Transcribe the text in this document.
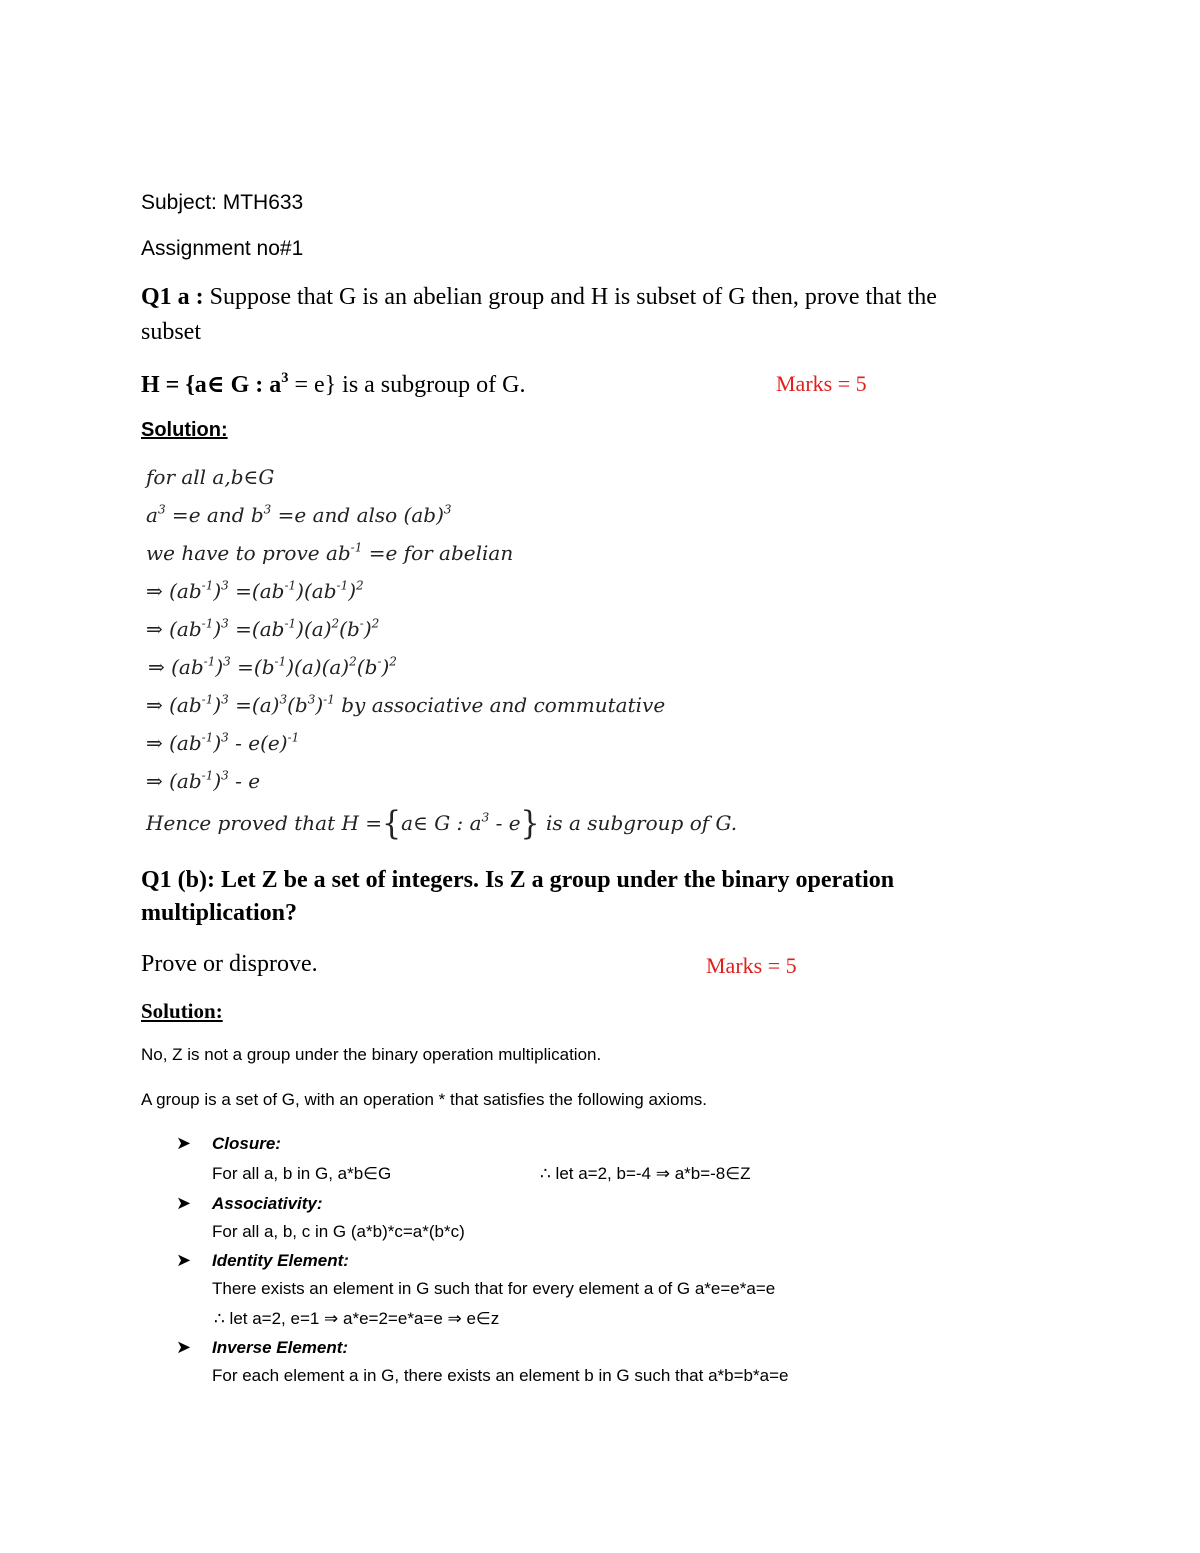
Subject: MTH633
Assignment no#1
Q1 a : Suppose that G is an abelian group and H is subset of G then, prove that the
subset
H = {a∈ G : $a^3 = e$} is a subgroup of G.	Marks = 5
Solution:
for all a,b∈G
$a^3 =e$ and $b^3 =e$ and also (ab)$^3$
we have to prove $ab^{-1} =e$ for abelian
⇒ $(ab^{-1})^3 =(ab^{-1})(ab^{-1})^2$
⇒ $(ab^{-1})^3 =(ab^{-1})(a)^2(b^-)^2$
⇒ $(ab^{-1})^3 =(b^{-1})(a)(a)^2(b^-)^2$
⇒ $(ab^{-1})^3 =(a)^3(b^3)^{-1}$ by associative and commutative
⇒ $(ab^{-1})^3 - e(e)^{-1}$
⇒ $(ab^{-1})^3$ - e
Hence proved that H ={a∈ G : $a^3 - e$} is a subgroup of G.
Q1 (b): Let Z be a set of integers. Is Z a group under the binary operation
multiplication?
Prove or disprove.	Marks = 5
Solution:
No, Z is not a group under the binary operation multiplication.
A group is a set of G, with an operation * that satisfies the following axioms.
➤ Closure:
For all a, b in G, a*b∈G	∴ let a=2, b=-4 ⇒ a*b=-8∈Z
➤ Associativity:
For all a, b, c in G (a*b)*c=a*(b*c)
➤ Identity Element:
There exists an element in G such that for every element a of G a*e=e*a=e
∴ let a=2, e=1 ⇒ a*e=2=e*a=e ⇒ e∈z
➤ Inverse Element:
For each element a in G, there exists an element b in G such that a*b=b*a=e
